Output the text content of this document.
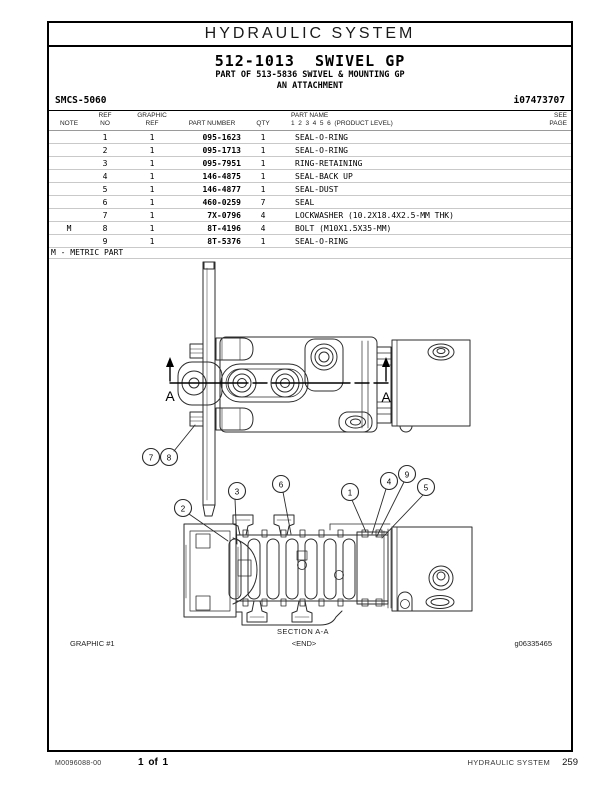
HYDRAULIC SYSTEM
512-1013  SWIVEL GP
PART OF 513-5836 SWIVEL & MOUNTING GP
AN ATTACHMENT
SMCS-5060	i07473707
NOTE	REF
NO	GRAPHIC
REF	PART NUMBER	QTY	PART NAME
1  2  3  4  5  6  (PRODUCT LEVEL)	SEE
PAGE
	1	1	095-1623	1	SEAL-O-RING	
	2	1	095-1713	1	SEAL-O-RING	
	3	1	095-7951	1	RING-RETAINING	
	4	1	146-4875	1	SEAL-BACK UP	
	5	1	146-4877	1	SEAL-DUST	
	6	1	460-0259	7	SEAL	
	7	1	7X-0796	4	LOCKWASHER (10.2X18.4X2.5-MM THK)	
M	8	1	8T-4196	4	BOLT (M10X1.5X35-MM)	
	9	1	8T-5376	1	SEAL-O-RING	
M - METRIC PART
A	A
7 8
2
3
6
1
4
9
5
SECTION A-A
<END>
GRAPHIC #1	g06335465
M0096088-00	1 of 1	HYDRAULIC SYSTEM 259
